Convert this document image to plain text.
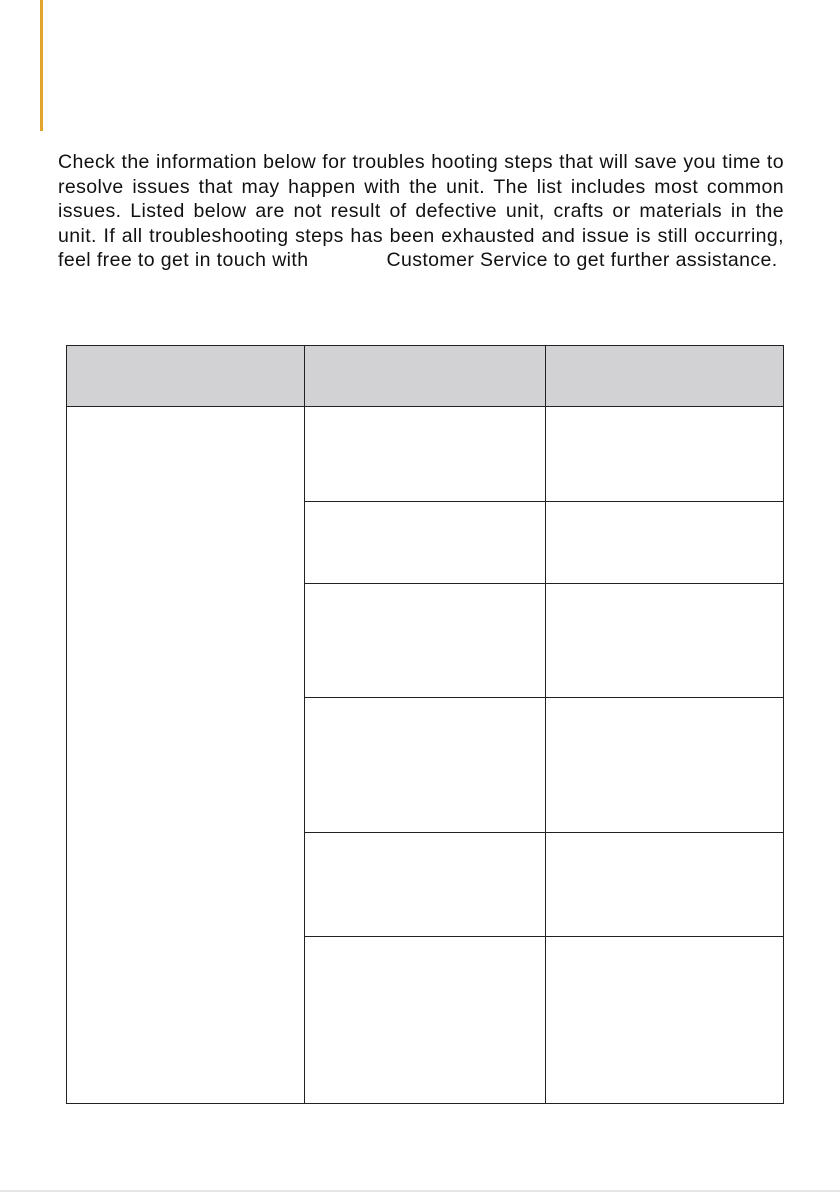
Check the information below for troubles hooting steps that will save you time to resolve issues that may happen with the unit. The list includes most common issues. Listed below are not result of defective unit, crafts or materials in the unit. If all troubleshooting steps has been exhausted and issue is still occurring, feel free to get in touch with	Customer Service to get further assistance.
